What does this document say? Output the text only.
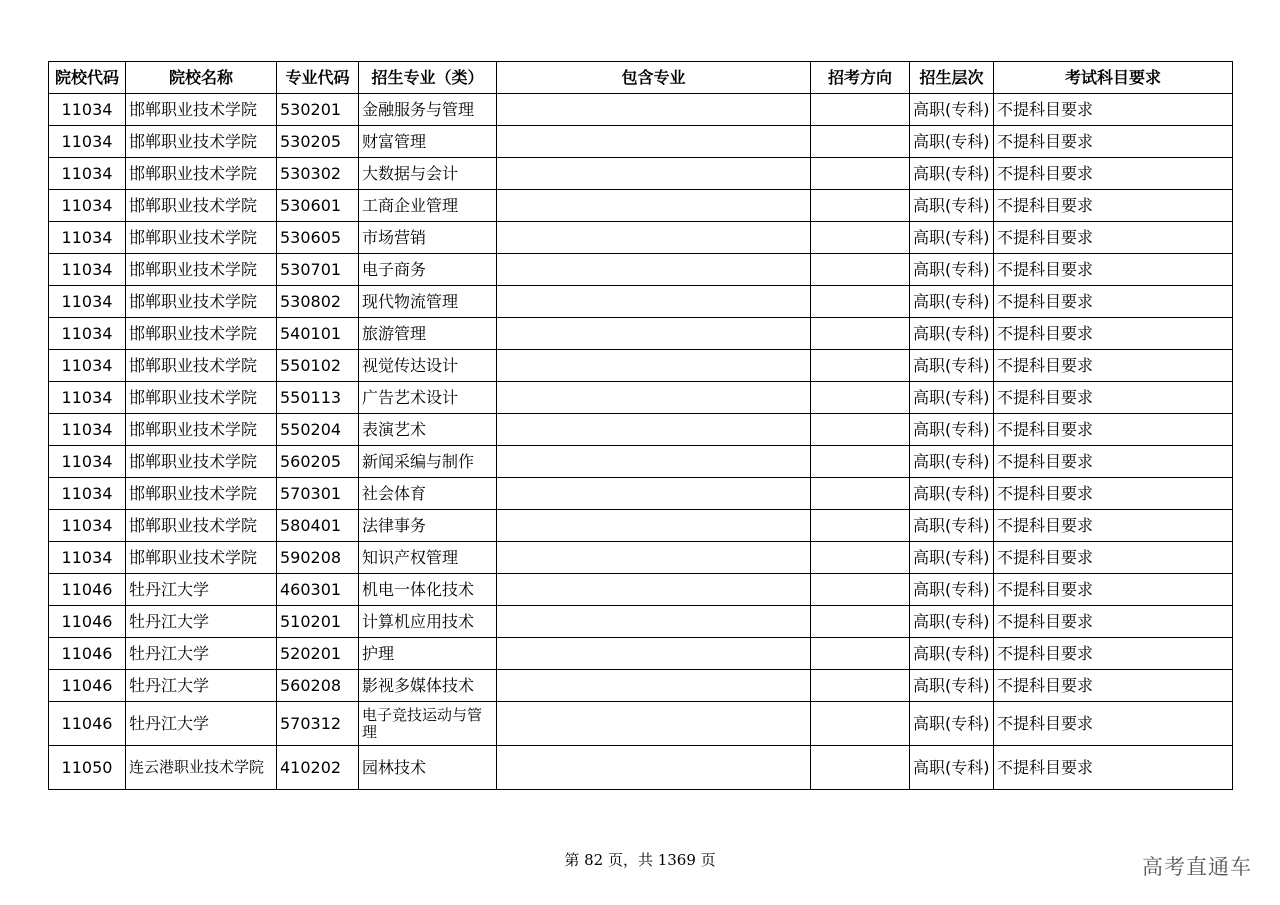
院校代码	院校名称	专业代码	招生专业（类）	包含专业	招考方向	招生层次	考试科目要求
11034	邯郸职业技术学院	530201	金融服务与管理			高职(专科)	不提科目要求
11034	邯郸职业技术学院	530205	财富管理			高职(专科)	不提科目要求
11034	邯郸职业技术学院	530302	大数据与会计			高职(专科)	不提科目要求
11034	邯郸职业技术学院	530601	工商企业管理			高职(专科)	不提科目要求
11034	邯郸职业技术学院	530605	市场营销			高职(专科)	不提科目要求
11034	邯郸职业技术学院	530701	电子商务			高职(专科)	不提科目要求
11034	邯郸职业技术学院	530802	现代物流管理			高职(专科)	不提科目要求
11034	邯郸职业技术学院	540101	旅游管理			高职(专科)	不提科目要求
11034	邯郸职业技术学院	550102	视觉传达设计			高职(专科)	不提科目要求
11034	邯郸职业技术学院	550113	广告艺术设计			高职(专科)	不提科目要求
11034	邯郸职业技术学院	550204	表演艺术			高职(专科)	不提科目要求
11034	邯郸职业技术学院	560205	新闻采编与制作			高职(专科)	不提科目要求
11034	邯郸职业技术学院	570301	社会体育			高职(专科)	不提科目要求
11034	邯郸职业技术学院	580401	法律事务			高职(专科)	不提科目要求
11034	邯郸职业技术学院	590208	知识产权管理			高职(专科)	不提科目要求
11046	牡丹江大学	460301	机电一体化技术			高职(专科)	不提科目要求
11046	牡丹江大学	510201	计算机应用技术			高职(专科)	不提科目要求
11046	牡丹江大学	520201	护理			高职(专科)	不提科目要求
11046	牡丹江大学	560208	影视多媒体技术			高职(专科)	不提科目要求
11046	牡丹江大学	570312	电子竞技运动与管理			高职(专科)	不提科目要求
11050	连云港职业技术学院	410202	园林技术			高职(专科)	不提科目要求
第 82 页，共 1369 页	高考直通车
